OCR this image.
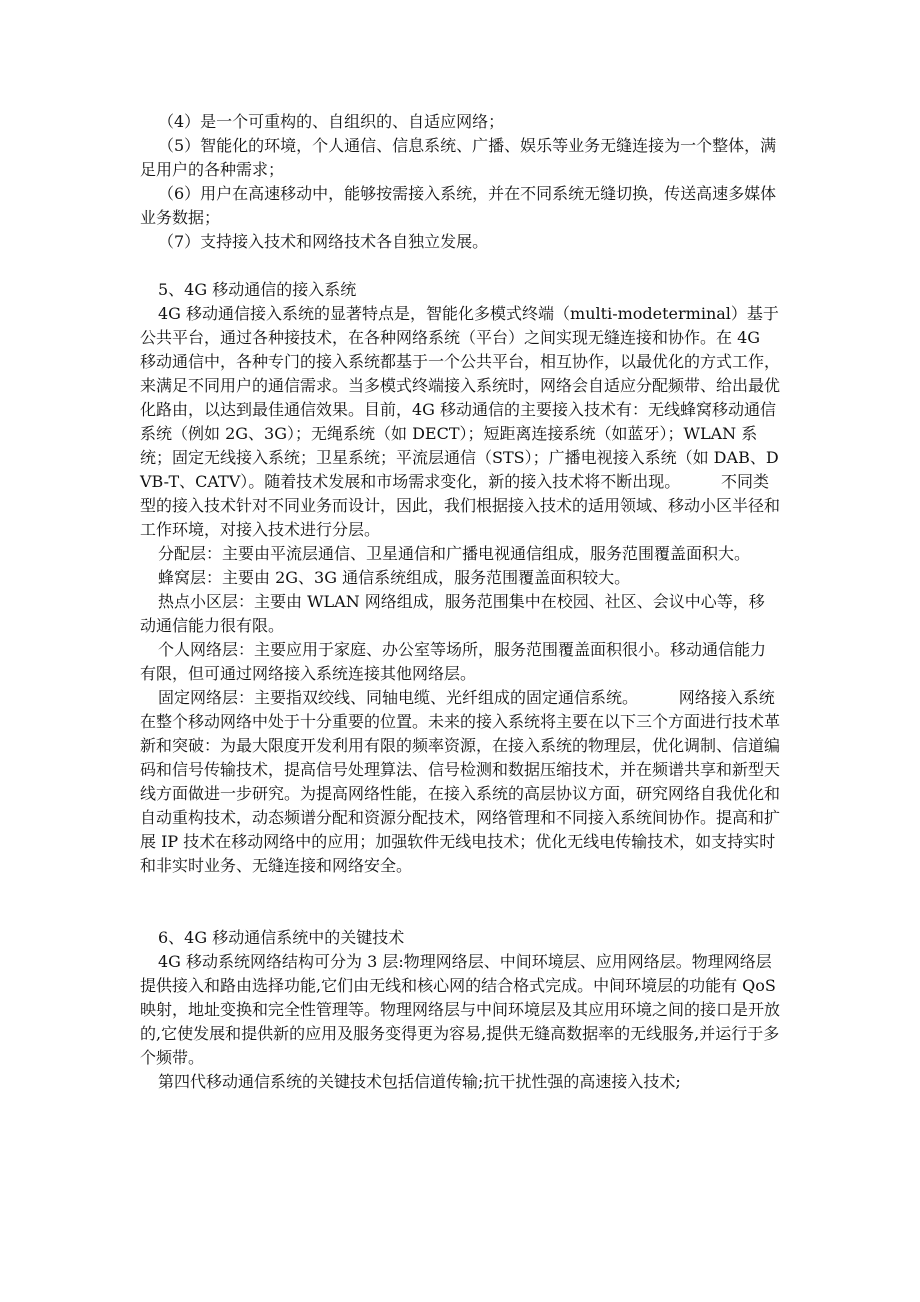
（4）是一个可重构的、自组织的、自适应网络；

（5）智能化的环境，个人通信、信息系统、广播、娱乐等业务无缝连接为一个整体，满足用户的各种需求；

（6）用户在高速移动中，能够按需接入系统，并在不同系统无缝切换，传送高速多媒体业务数据；

（7）支持接入技术和网络技术各自独立发展。

5、4G 移动通信的接入系统

4G 移动通信接入系统的显著特点是，智能化多模式终端（multi-modeterminal）基于公共平台，通过各种接技术，在各种网络系统（平台）之间实现无缝连接和协作。在 4G 移动通信中，各种专门的接入系统都基于一个公共平台，相互协作，以最优化的方式工作，来满足不同用户的通信需求。当多模式终端接入系统时，网络会自适应分配频带、给出最优化路由，以达到最佳通信效果。目前，4G 移动通信的主要接入技术有：无线蜂窝移动通信系统（例如 2G、3G）；无绳系统（如 DECT）；短距离连接系统（如蓝牙）；WLAN 系统；固定无线接入系统；卫星系统；平流层通信（STS）；广播电视接入系统（如 DAB、DVB-T、CATV）。随着技术发展和市场需求变化，新的接入技术将不断出现。        不同类型的接入技术针对不同业务而设计，因此，我们根据接入技术的适用领域、移动小区半径和工作环境，对接入技术进行分层。

分配层：主要由平流层通信、卫星通信和广播电视通信组成，服务范围覆盖面积大。

蜂窝层：主要由 2G、3G 通信系统组成，服务范围覆盖面积较大。

热点小区层：主要由 WLAN 网络组成，服务范围集中在校园、社区、会议中心等，移动通信能力很有限。

个人网络层：主要应用于家庭、办公室等场所，服务范围覆盖面积很小。移动通信能力有限，但可通过网络接入系统连接其他网络层。

固定网络层：主要指双绞线、同轴电缆、光纤组成的固定通信系统。        网络接入系统在整个移动网络中处于十分重要的位置。未来的接入系统将主要在以下三个方面进行技术革新和突破：为最大限度开发利用有限的频率资源，在接入系统的物理层，优化调制、信道编码和信号传输技术，提高信号处理算法、信号检测和数据压缩技术，并在频谱共享和新型天线方面做进一步研究。为提高网络性能，在接入系统的高层协议方面，研究网络自我优化和自动重构技术，动态频谱分配和资源分配技术，网络管理和不同接入系统间协作。提高和扩展 IP 技术在移动网络中的应用；加强软件无线电技术；优化无线电传输技术，如支持实时和非实时业务、无缝连接和网络安全。

6、4G 移动通信系统中的关键技术

4G 移动系统网络结构可分为 3 层:物理网络层、中间环境层、应用网络层。物理网络层提供接入和路由选择功能,它们由无线和核心网的结合格式完成。中间环境层的功能有 QoS 映射，地址变换和完全性管理等。物理网络层与中间环境层及其应用环境之间的接口是开放的,它使发展和提供新的应用及服务变得更为容易,提供无缝高数据率的无线服务,并运行于多个频带。

第四代移动通信系统的关键技术包括信道传输;抗干扰性强的高速接入技术;
